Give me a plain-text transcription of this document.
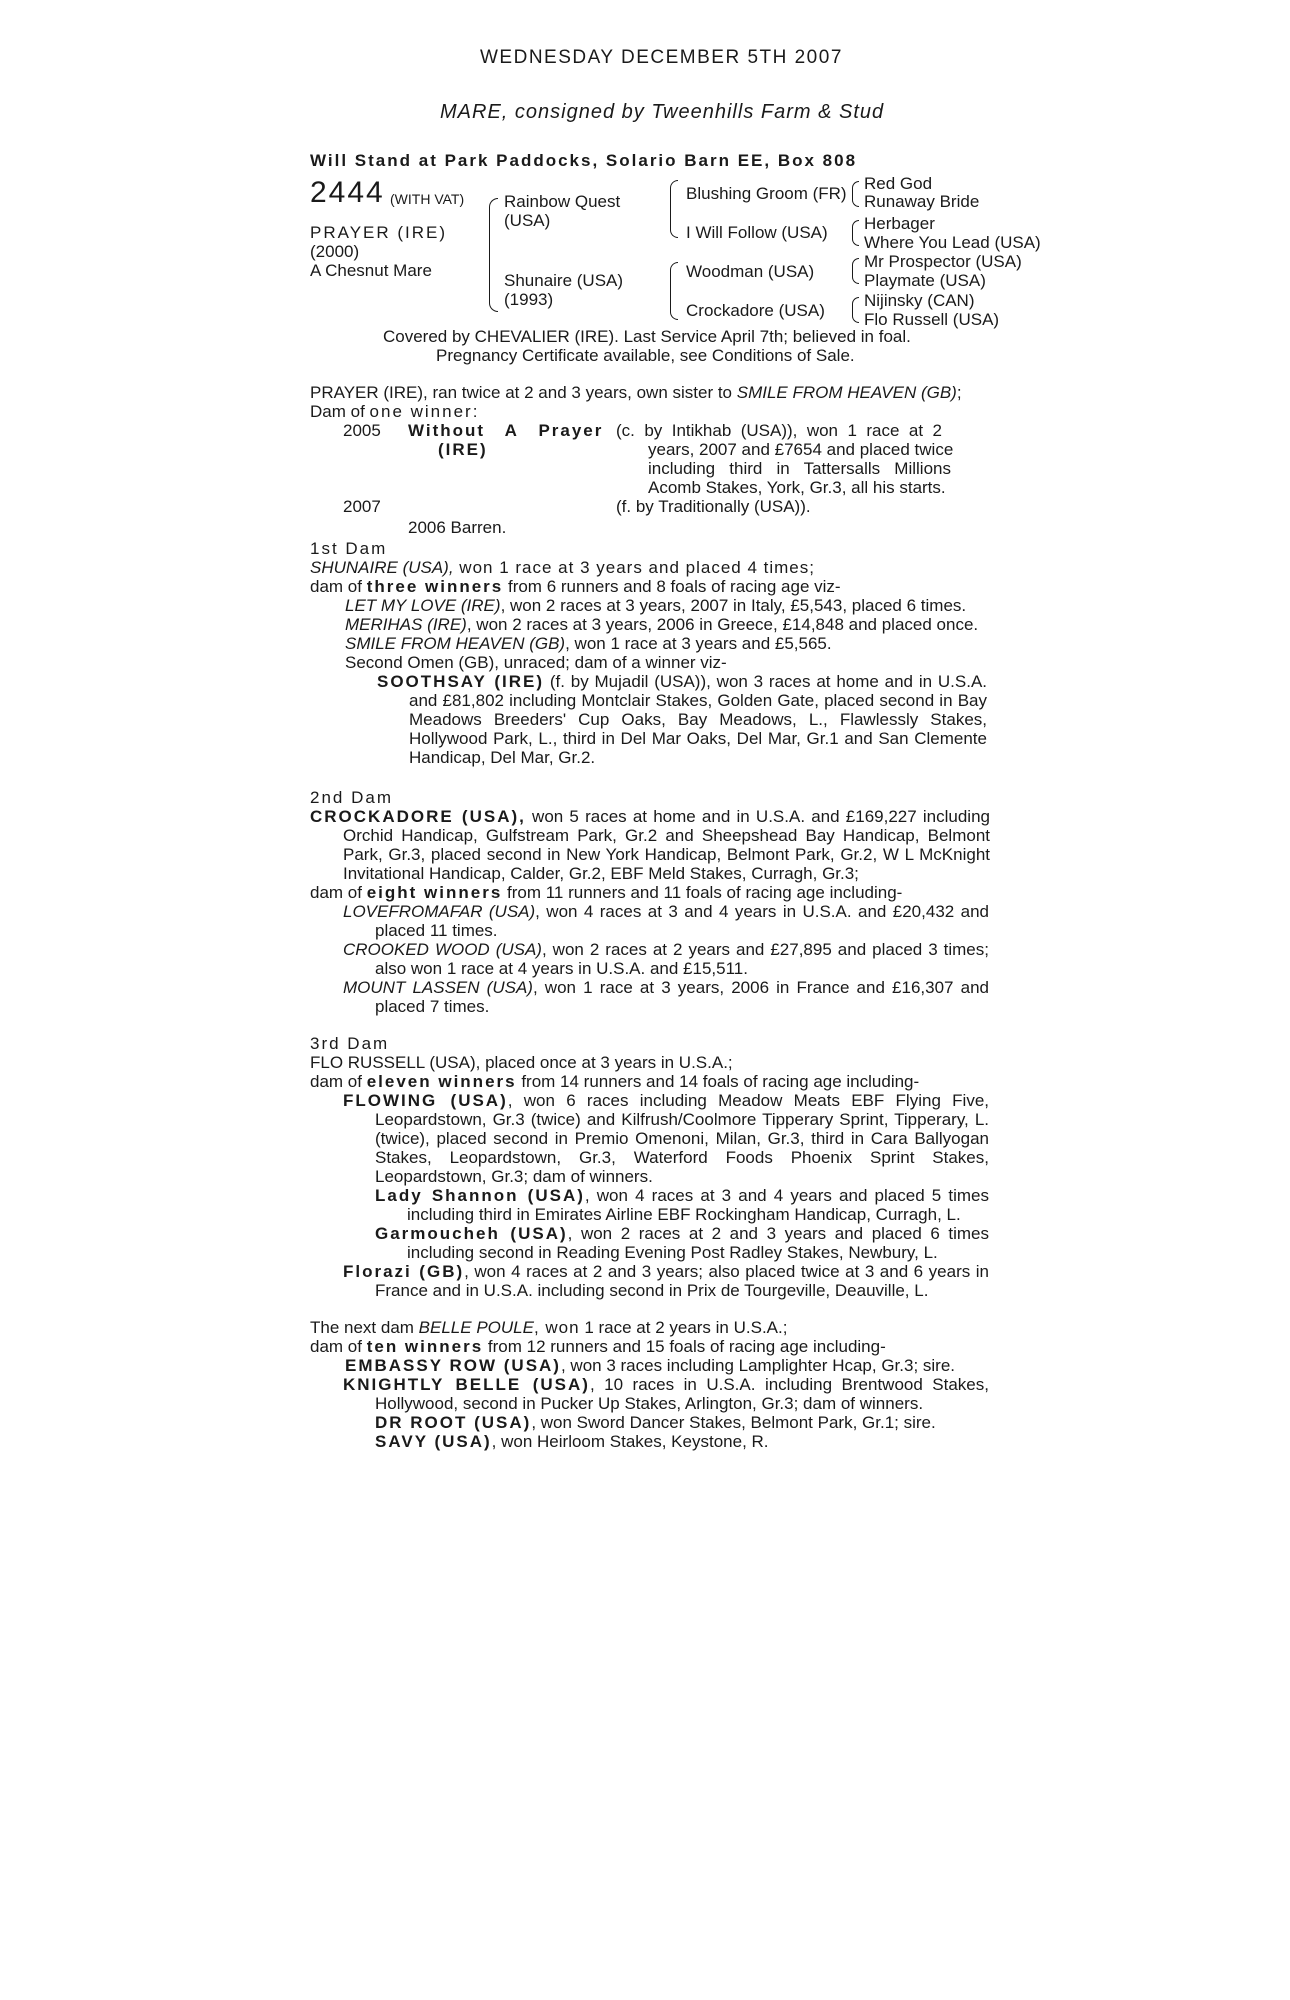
WEDNESDAY DECEMBER 5TH 2007
MARE, consigned by Tweenhills Farm & Stud
Will Stand at Park Paddocks, Solario Barn EE, Box 808
2444 (WITH VAT)
PRAYER (IRE)
(2000)
A Chesnut Mare
Rainbow Quest
(USA)
Shunaire (USA)
(1993)
Blushing Groom (FR)
I Will Follow (USA)
Woodman (USA)
Crockadore (USA)
Red God
Runaway Bride
Herbager
Where You Lead (USA)
Mr Prospector (USA)
Playmate (USA)
Nijinsky (CAN)
Flo Russell (USA)
Covered by CHEVALIER (IRE). Last Service April 7th; believed in foal.
Pregnancy Certificate available, see Conditions of Sale.
PRAYER (IRE), ran twice at 2 and 3 years, own sister to SMILE FROM HEAVEN (GB);
Dam of one winner:
2005 Without   A   Prayer
(IRE)
(c.  by  Intikhab  (USA)),  won  1  race  at  2
years, 2007 and £7654 and placed twice
including   third   in   Tattersalls   Millions
Acomb Stakes, York, Gr.3, all his starts.
2007	(f. by Traditionally (USA)).
2006 Barren.
1st Dam
SHUNAIRE (USA), won 1 race at 3 years and placed 4 times;
dam of three winners from 6 runners and 8 foals of racing age viz-
LET MY LOVE (IRE), won 2 races at 3 years, 2007 in Italy, £5,543, placed 6 times.
MERIHAS (IRE), won 2 races at 3 years, 2006 in Greece, £14,848 and placed once.
SMILE FROM HEAVEN (GB), won 1 race at 3 years and £5,565.
Second Omen (GB), unraced; dam of a winner viz-
SOOTHSAY (IRE) (f. by Mujadil (USA)), won 3 races at home and in U.S.A. and £81,802 including Montclair Stakes, Golden Gate, placed second in Bay Meadows Breeders' Cup Oaks, Bay Meadows, L., Flawlessly Stakes, Hollywood Park, L., third in Del Mar Oaks, Del Mar, Gr.1 and San Clemente Handicap, Del Mar, Gr.2.
2nd Dam
CROCKADORE (USA), won 5 races at home and in U.S.A. and £169,227 including Orchid Handicap, Gulfstream Park, Gr.2 and Sheepshead Bay Handicap, Belmont Park, Gr.3, placed second in New York Handicap, Belmont Park, Gr.2, W L McKnight Invitational Handicap, Calder, Gr.2, EBF Meld Stakes, Curragh, Gr.3;
dam of eight winners from 11 runners and 11 foals of racing age including-
LOVEFROMAFAR (USA), won 4 races at 3 and 4 years in U.S.A. and £20,432 and placed 11 times.
CROOKED WOOD (USA), won 2 races at 2 years and £27,895 and placed 3 times; also won 1 race at 4 years in U.S.A. and £15,511.
MOUNT LASSEN (USA), won 1 race at 3 years, 2006 in France and £16,307 and placed 7 times.
3rd Dam
FLO RUSSELL (USA), placed once at 3 years in U.S.A.;
dam of eleven winners from 14 runners and 14 foals of racing age including-
FLOWING (USA), won 6 races including Meadow Meats EBF Flying Five, Leopardstown, Gr.3 (twice) and Kilfrush/Coolmore Tipperary Sprint, Tipperary, L. (twice), placed second in Premio Omenoni, Milan, Gr.3, third in Cara Ballyogan Stakes, Leopardstown, Gr.3, Waterford Foods Phoenix Sprint Stakes, Leopardstown, Gr.3; dam of winners.
Lady Shannon (USA), won 4 races at 3 and 4 years and placed 5 times including third in Emirates Airline EBF Rockingham Handicap, Curragh, L.
Garmoucheh (USA), won 2 races at 2 and 3 years and placed 6 times including second in Reading Evening Post Radley Stakes, Newbury, L.
Florazi (GB), won 4 races at 2 and 3 years; also placed twice at 3 and 6 years in France and in U.S.A. including second in Prix de Tourgeville, Deauville, L.
The next dam BELLE POULE, won 1 race at 2 years in U.S.A.;
dam of ten winners from 12 runners and 15 foals of racing age including-
EMBASSY ROW (USA), won 3 races including Lamplighter Hcap, Gr.3; sire.
KNIGHTLY BELLE (USA), 10 races in U.S.A. including Brentwood Stakes, Hollywood, second in Pucker Up Stakes, Arlington, Gr.3; dam of winners.
DR ROOT (USA), won Sword Dancer Stakes, Belmont Park, Gr.1; sire.
SAVY (USA), won Heirloom Stakes, Keystone, R.
